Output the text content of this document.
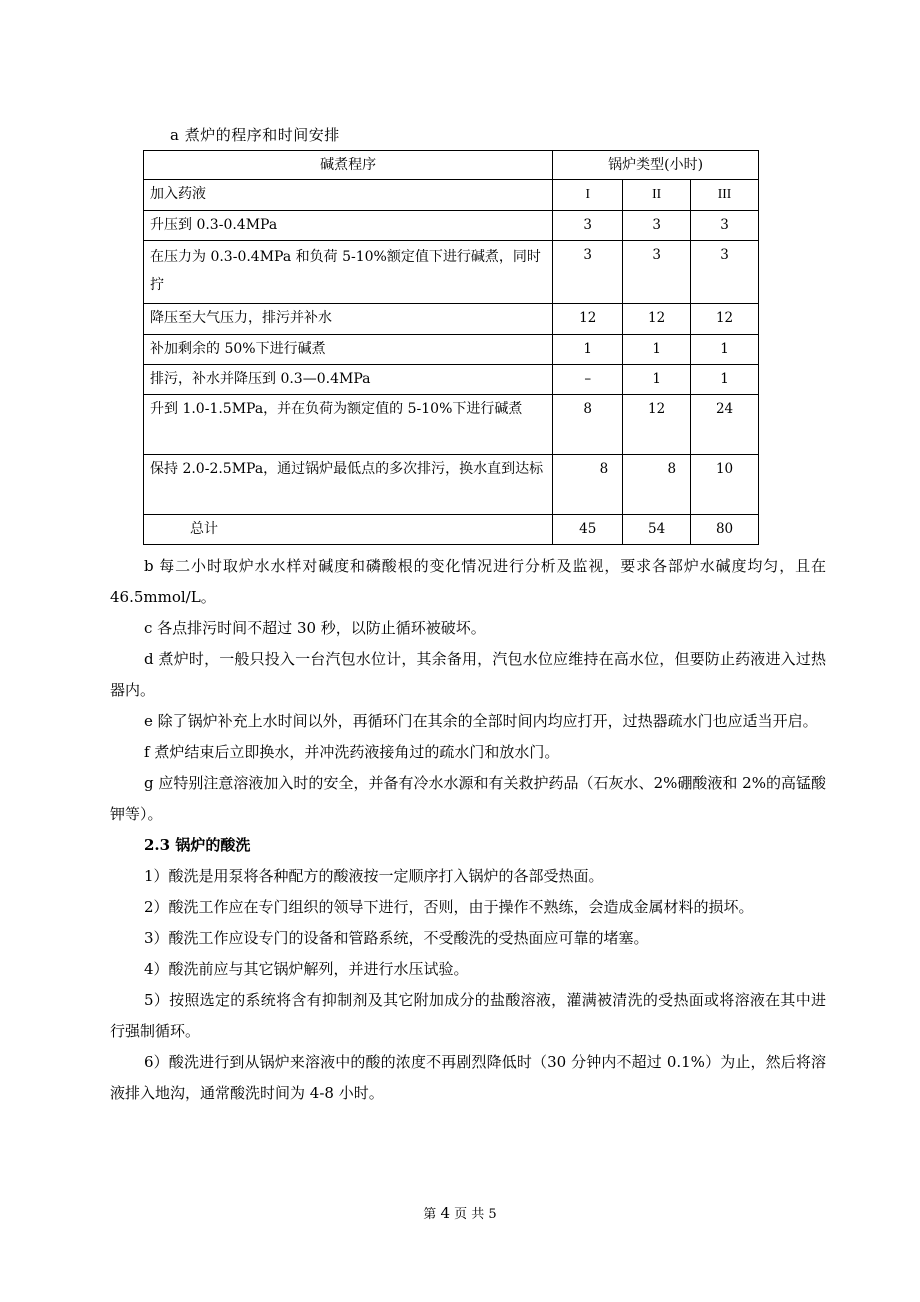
a 煮炉的程序和时间安排
碱煮程序	锅炉类型(小时)		
加入药液	I	II	III
升压到 0.3-0.4MPa	3	3	3
在压力为 0.3-0.4MPa 和负荷 5-10%额定值下进行碱煮，同时拧	3	3	3
降压至大气压力，排污并补水	12	12	12
补加剩余的 50%下进行碱煮	1	1	1
排污，补水并降压到 0.3—0.4MPa	–	1	1
升到 1.0-1.5MPa，并在负荷为额定值的 5-10%下进行碱煮	8	12	24
保持 2.0-2.5MPa，通过锅炉最低点的多次排污，换水直到达标	8	8	10
总计	45	54	80

b 每二小时取炉水水样对碱度和磷酸根的变化情况进行分析及监视，要求各部炉水碱度均匀，且在 46.5mmol/L。

c 各点排污时间不超过 30 秒，以防止循环被破坏。

d 煮炉时，一般只投入一台汽包水位计，其余备用，汽包水位应维持在高水位，但要防止药液进入过热器内。

e 除了锅炉补充上水时间以外，再循环门在其余的全部时间内均应打开，过热器疏水门也应适当开启。

f 煮炉结束后立即换水，并冲洗药液接角过的疏水门和放水门。

g 应特别注意溶液加入时的安全，并备有冷水水源和有关救护药品（石灰水、2%硼酸液和 2%的高锰酸钾等）。

2.3 锅炉的酸洗

1）酸洗是用泵将各种配方的酸液按一定顺序打入锅炉的各部受热面。

2）酸洗工作应在专门组织的领导下进行，否则，由于操作不熟练，会造成金属材料的损坏。

3）酸洗工作应设专门的设备和管路系统，不受酸洗的受热面应可靠的堵塞。

4）酸洗前应与其它锅炉解列，并进行水压试验。

5）按照选定的系统将含有抑制剂及其它附加成分的盐酸溶液，灌满被清洗的受热面或将溶液在其中进行强制循环。

6）酸洗进行到从锅炉来溶液中的酸的浓度不再剧烈降低时（30 分钟内不超过 0.1%）为止，然后将溶液排入地沟，通常酸洗时间为 4-8 小时。

第 4 页 共 5
